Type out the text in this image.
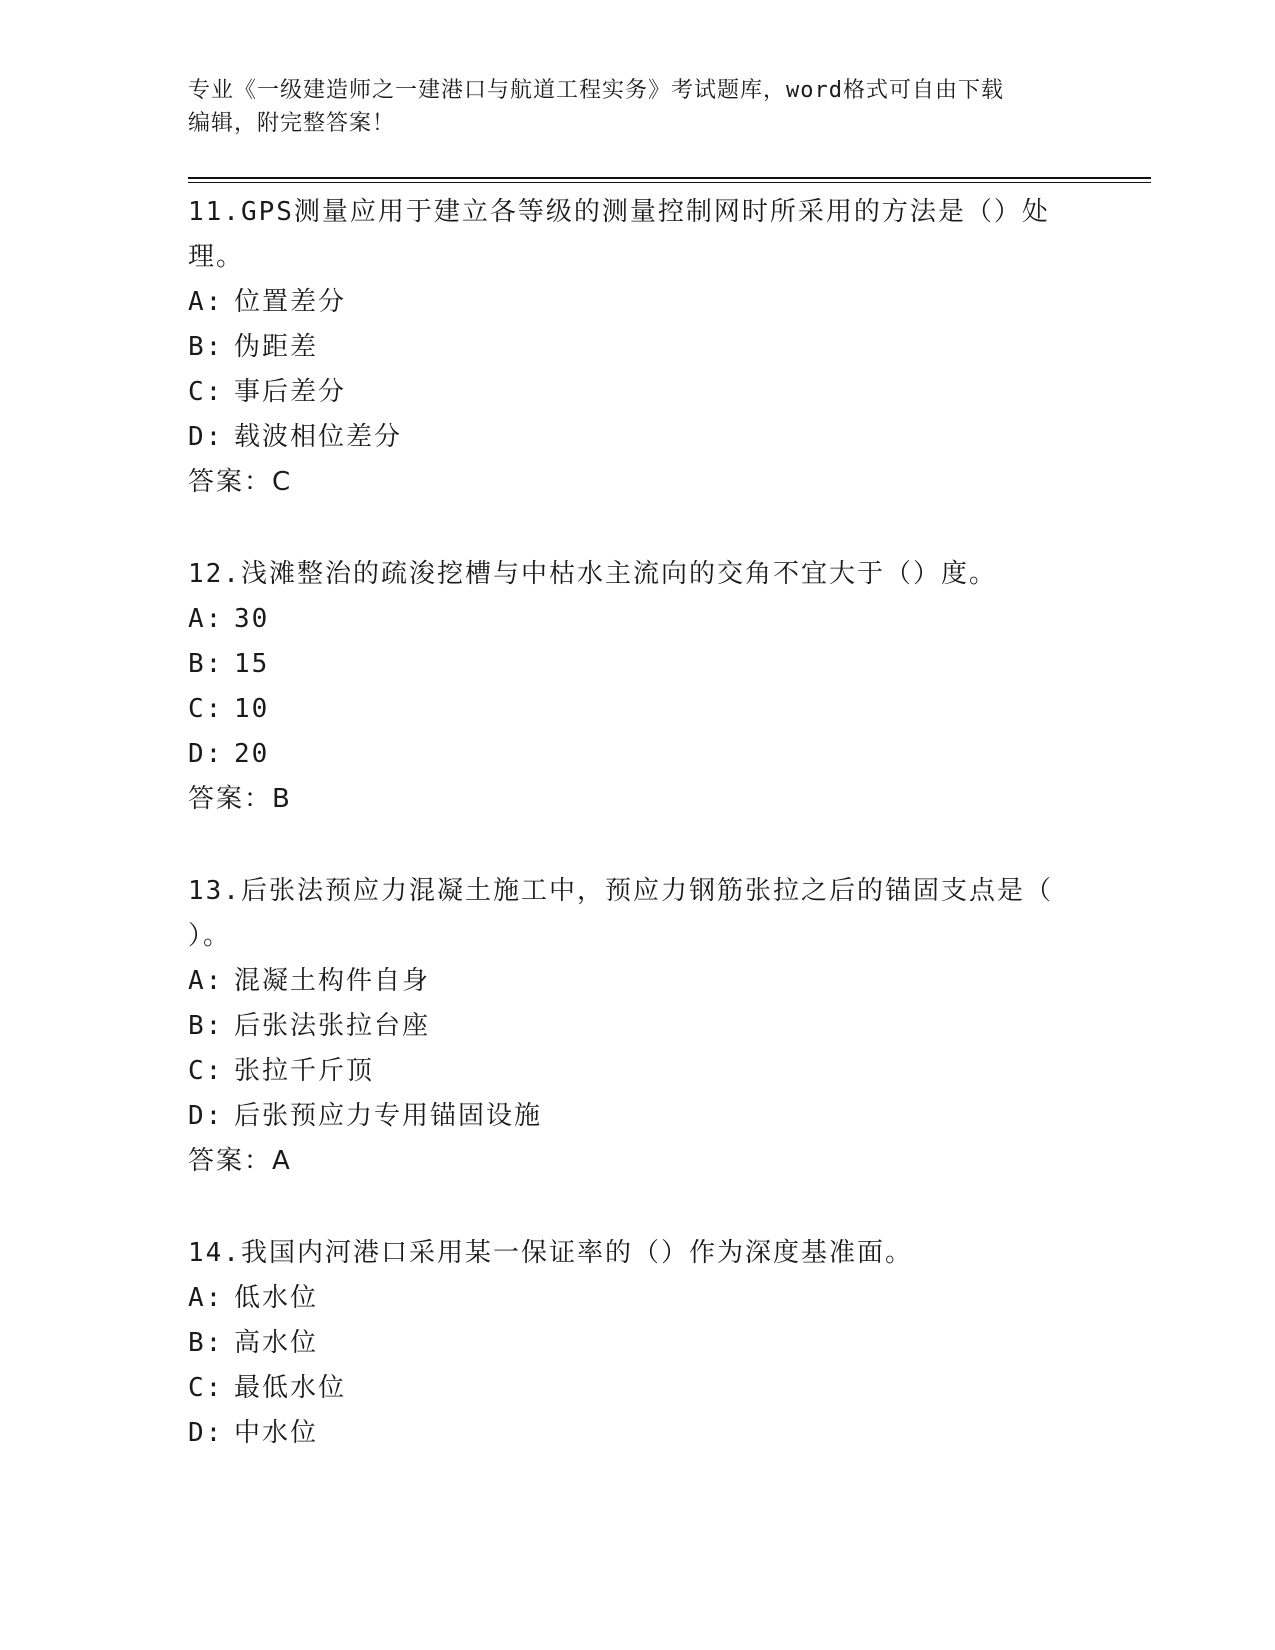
专业《一级建造师之一建港口与航道工程实务》考试题库，word格式可自由下载
编辑，附完整答案！
11.GPS测量应用于建立各等级的测量控制网时所采用的方法是（）处
理。
A: 位置差分
B: 伪距差
C: 事后差分
D: 载波相位差分
答案：C
12.浅滩整治的疏浚挖槽与中枯水主流向的交角不宜大于（）度。
A: 30
B: 15
C: 10
D: 20
答案：B
13.后张法预应力混凝土施工中，预应力钢筋张拉之后的锚固支点是（
）。
A: 混凝土构件自身
B: 后张法张拉台座
C: 张拉千斤顶
D: 后张预应力专用锚固设施
答案：A
14.我国内河港口采用某一保证率的（）作为深度基准面。
A: 低水位
B: 高水位
C: 最低水位
D: 中水位
